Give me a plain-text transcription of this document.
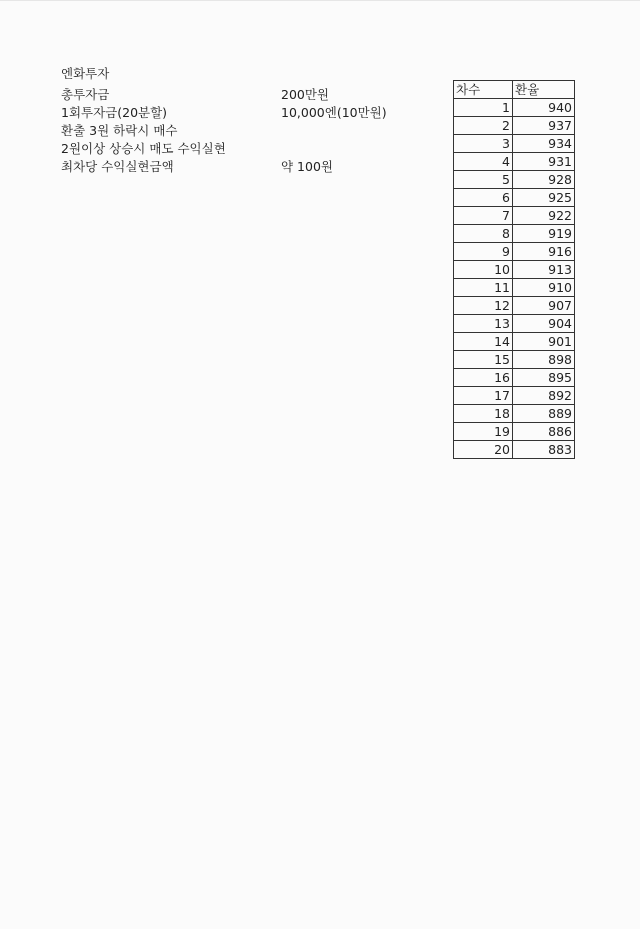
엔화투자
총투자금	200만원
1회투자금(20분할)	10,000엔(10만원)
환출 3원 하락시 매수
2원이상 상승시 매도 수익실현
최차당 수익실현금액	약 100원
차수	환율
1	940
2	937
3	934
4	931
5	928
6	925
7	922
8	919
9	916
10	913
11	910
12	907
13	904
14	901
15	898
16	895
17	892
18	889
19	886
20	883
